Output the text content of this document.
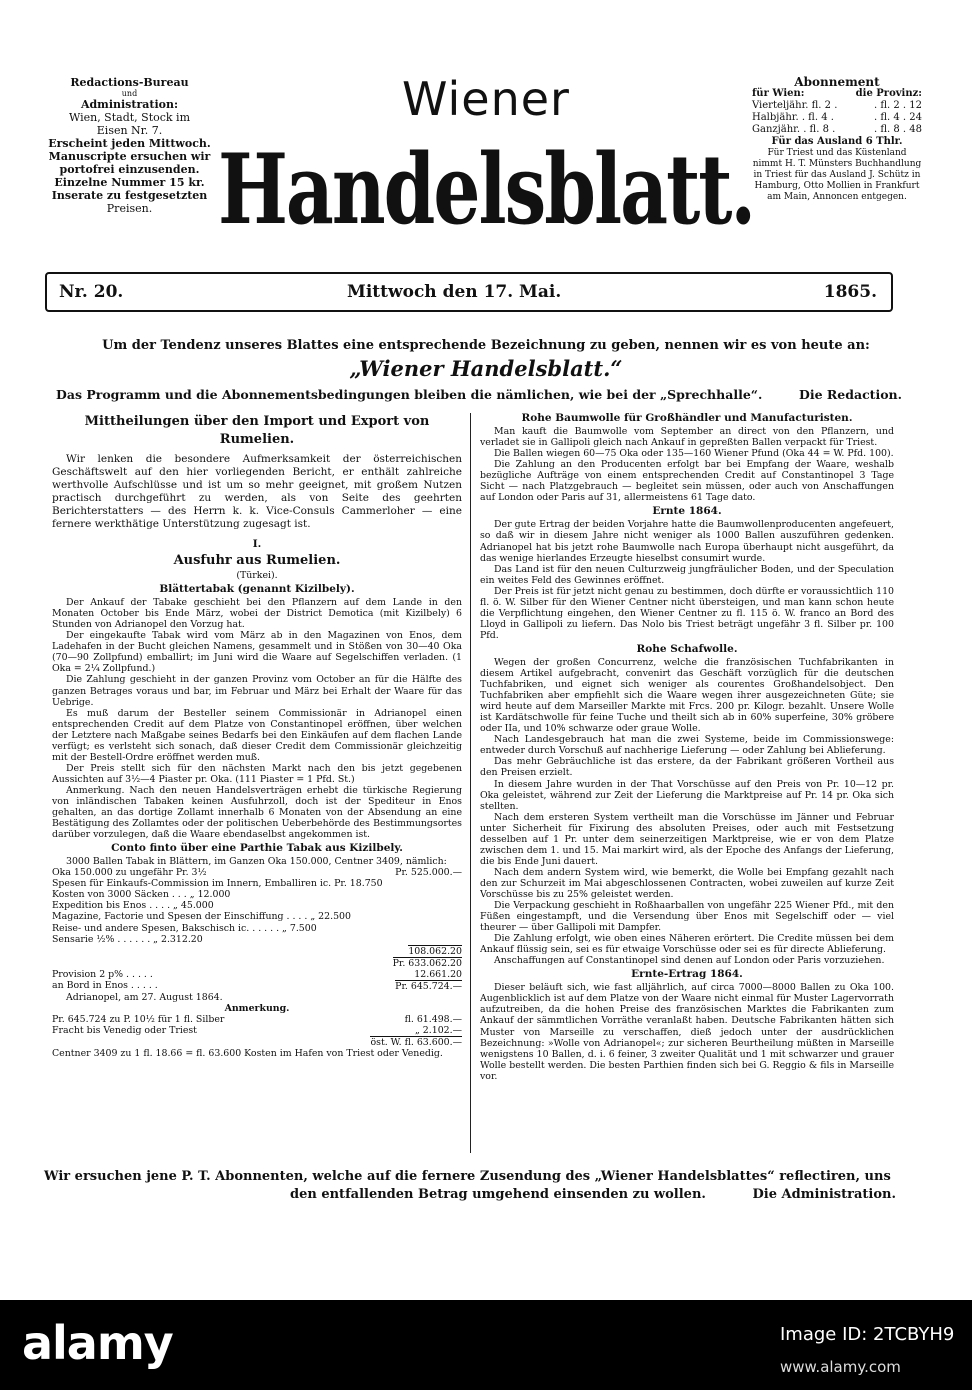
Redactions-Bureau
und
Administration:
Wien, Stadt, Stock im
Eisen Nr. 7.
Erscheint jeden Mittwoch.
Manuscripte ersuchen wir
portofrei einzusenden.
Einzelne Nummer 15 kr.
Inserate zu festgesetzten
Preisen.
Wiener
Handelsblatt.
Abonnement
für Wien:	die Provinz:
Vierteljähr. fl. 2 .	. fl. 2 . 12
Halbjähr. . fl. 4 .	. fl. 4 . 24
Ganzjähr. . fl. 8 .	. fl. 8 . 48
Für das Ausland 6 Thlr.
Für Triest und das Küstenland nimmt H. T. Münsters Buchhandlung in Triest für das Ausland J. Schütz in Hamburg, Otto Mollien in Frankfurt am Main, Annoncen entgegen.
Nr. 20.	Mittwoch den 17. Mai.	1865.
Um der Tendenz unseres Blattes eine entsprechende Bezeichnung zu geben, nennen wir es von heute an:
„Wiener Handelsblatt.“
Das Programm und die Abonnementsbedingungen bleiben die nämlichen, wie bei der „Sprechhalle“.	Die Redaction.
Mittheilungen über den Import und Export von Rumelien.

Wir lenken die besondere Aufmerksamkeit der österreichischen Geschäftswelt auf den hier vorliegenden Bericht, er enthält zahlreiche werthvolle Aufschlüsse und ist um so mehr geeignet, mit großem Nutzen practisch durchgeführt zu werden, als von Seite des geehrten Berichterstatters — des Herrn k. k. Vice-Consuls Cammerloher — eine fernere werkthätige Unterstützung zugesagt ist.

I.
Ausfuhr aus Rumelien.
(Türkei).
Blättertabak (genannt Kizilbely).

Der Ankauf der Tabake geschieht bei den Pflanzern auf dem Lande in den Monaten October bis Ende März, wobei der District Demotica (mit Kizilbely) 6 Stunden von Adrianopel den Vorzug hat.

Der eingekaufte Tabak wird vom März ab in den Magazinen von Enos, dem Ladehafen in der Bucht gleichen Namens, gesammelt und in Stößen von 30—40 Oka (70—90 Zollpfund) emballirt; im Juni wird die Waare auf Segelschiffen verladen. (1 Oka = 2¼ Zollpfund.)

Die Zahlung geschieht in der ganzen Provinz vom October an für die Hälfte des ganzen Betrages voraus und bar, im Februar und März bei Erhalt der Waare für das Uebrige.

Es muß darum der Besteller seinem Commissionär in Adrianopel einen entsprechenden Credit auf dem Platze von Constantinopel eröffnen, über welchen der Letztere nach Maßgabe seines Bedarfs bei den Einkäufen auf dem flachen Lande verfügt; es verlsteht sich sonach, daß dieser Credit dem Commissionär gleichzeitig mit der Bestell-Ordre eröffnet werden muß.

Der Preis stellt sich für den nächsten Markt nach den bis jetzt gegebenen Aussichten auf 3½—4 Piaster pr. Oka. (111 Piaster = 1 Pfd. St.)

Anmerkung. Nach den neuen Handelsverträgen erhebt die türkische Regierung von inländischen Tabaken keinen Ausfuhrzoll, doch ist der Spediteur in Enos gehalten, an das dortige Zollamt innerhalb 6 Monaten von der Absendung an eine Bestätigung des Zollamtes oder der politischen Ueberbehörde des Bestimmungsortes darüber vorzulegen, daß die Waare ebendaselbst angekommen ist.

Conto finto über eine Parthie Tabak aus Kizilbely.

3000 Ballen Tabak in Blättern, im Ganzen Oka 150.000, Centner 3409, nämlich:

Oka 150.000 zu ungefähr Pr. 3½	Pr. 525.000.—
Spesen für Einkaufs-Commission im Innern, Emballiren ic. Pr. 18.750
Kosten von 3000 Säcken . . . „ 12.000
Expedition bis Enos . . . . „ 45.000
Magazine, Factorie und Spesen der Einschiffung . . . . „ 22.500
Reise- und andere Spesen, Bakschisch ic. . . . . . „ 7.500
Sensarie ½% . . . . . . „ 2.312.20
108.062.20
Pr. 633.062.20
Provision 2 p% . . . . .	12.661.20
an Bord in Enos . . . . .	Pr. 645.724.—

Adrianopel, am 27. August 1864.

Anmerkung.
Pr. 645.724 zu P. 10½ für 1 fl. Silber	fl. 61.498.—
Fracht bis Venedig oder Triest	„ 2.102.—
öst. W. fl. 63.600.—
Centner 3409 zu 1 fl. 18.66 = fl. 63.600 Kosten im Hafen von Triest oder Venedig.
Rohe Baumwolle für Großhändler und Manufacturisten.

Man kauft die Baumwolle vom September an direct von den Pflanzern, und verladet sie in Gallipoli gleich nach Ankauf in gepreßten Ballen verpackt für Triest.

Die Ballen wiegen 60—75 Oka oder 135—160 Wiener Pfund (Oka 44 = W. Pfd. 100).

Die Zahlung an den Producenten erfolgt bar bei Empfang der Waare, weshalb bezügliche Aufträge von einem entsprechenden Credit auf Constantinopel 3 Tage Sicht — nach Platzgebrauch — begleitet sein müssen, oder auch von Anschaffungen auf London oder Paris auf 31, allermeistens 61 Tage dato.

Ernte 1864.

Der gute Ertrag der beiden Vorjahre hatte die Baumwollenproducenten angefeuert, so daß wir in diesem Jahre nicht weniger als 1000 Ballen auszuführen gedenken. Adrianopel hat bis jetzt rohe Baumwolle nach Europa überhaupt nicht ausgeführt, da das wenige hierlandes Erzeugte hieselbst consumirt wurde.

Das Land ist für den neuen Culturzweig jungfräulicher Boden, und der Speculation ein weites Feld des Gewinnes eröffnet.

Der Preis ist für jetzt nicht genau zu bestimmen, doch dürfte er voraussichtlich 110 fl. ö. W. Silber für den Wiener Centner nicht übersteigen, und man kann schon heute die Verpflichtung eingehen, den Wiener Centner zu fl. 115 ö. W. franco an Bord des Lloyd in Gallipoli zu liefern. Das Nolo bis Triest beträgt ungefähr 3 fl. Silber pr. 100 Pfd.

Rohe Schafwolle.

Wegen der großen Concurrenz, welche die französischen Tuchfabrikanten in diesem Artikel aufgebracht, convenirt das Geschäft vorzüglich für die deutschen Tuchfabriken, und eignet sich weniger als courentes Großhandelsobject. Den Tuchfabriken aber empfiehlt sich die Waare wegen ihrer ausgezeichneten Güte; sie wird heute auf dem Marseiller Markte mit Frcs. 200 pr. Kilogr. bezahlt. Unsere Wolle ist Kardätschwolle für feine Tuche und theilt sich ab in 60% superfeine, 30% gröbere oder IIa, und 10% schwarze oder graue Wolle.

Nach Landesgebrauch hat man die zwei Systeme, beide im Commissionswege: entweder durch Vorschuß auf nachherige Lieferung — oder Zahlung bei Ablieferung.

Das mehr Gebräuchliche ist das erstere, da der Fabrikant größeren Vortheil aus den Preisen erzielt.

In diesem Jahre wurden in der That Vorschüsse auf den Preis von Pr. 10—12 pr. Oka geleistet, während zur Zeit der Lieferung die Marktpreise auf Pr. 14 pr. Oka sich stellten.

Nach dem ersteren System vertheilt man die Vorschüsse im Jänner und Februar unter Sicherheit für Fixirung des absoluten Preises, oder auch mit Festsetzung desselben auf 1 Pr. unter dem seinerzeitigen Marktpreise, wie er von dem Platze zwischen dem 1. und 15. Mai markirt wird, als der Epoche des Anfangs der Lieferung, die bis Ende Juni dauert.

Nach dem andern System wird, wie bemerkt, die Wolle bei Empfang gezahlt nach den zur Schurzeit im Mai abgeschlossenen Contracten, wobei zuweilen auf kurze Zeit Vorschüsse bis zu 25% geleistet werden.

Die Verpackung geschieht in Roßhaarballen von ungefähr 225 Wiener Pfd., mit den Füßen eingestampft, und die Versendung über Enos mit Segelschiff oder — viel theurer — über Gallipoli mit Dampfer.

Die Zahlung erfolgt, wie oben eines Näheren erörtert. Die Credite müssen bei dem Ankauf flüssig sein, sei es für etwaige Vorschüsse oder sei es für directe Ablieferung.

Anschaffungen auf Constantinopel sind denen auf London oder Paris vorzuziehen.

Ernte-Ertrag 1864.

Dieser beläuft sich, wie fast alljährlich, auf circa 7000—8000 Ballen zu Oka 100. Augenblicklich ist auf dem Platze von der Waare nicht einmal für Muster Lagervorrath aufzutreiben, da die hohen Preise des französischen Marktes die Fabrikanten zum Ankauf der sämmtlichen Vorräthe veranlaßt haben. Deutsche Fabrikanten hätten sich Muster von Marseille zu verschaffen, dieß jedoch unter der ausdrücklichen Bezeichnung: »Wolle von Adrianopel«; zur sicheren Beurtheilung müßten in Marseille wenigstens 10 Ballen, d. i. 6 feiner, 3 zweiter Qualität und 1 mit schwarzer und grauer Wolle bestellt werden. Die besten Parthien finden sich bei G. Reggio & fils in Marseille vor.

Wir ersuchen jene P. T. Abonnenten, welche auf die fernere Zusendung des „Wiener Handelsblattes“ reflectiren, uns
den entfallenden Betrag umgehend einsenden zu wollen.	Die Administration.
alamy	Image ID: 2TCBYH9
www.alamy.com
